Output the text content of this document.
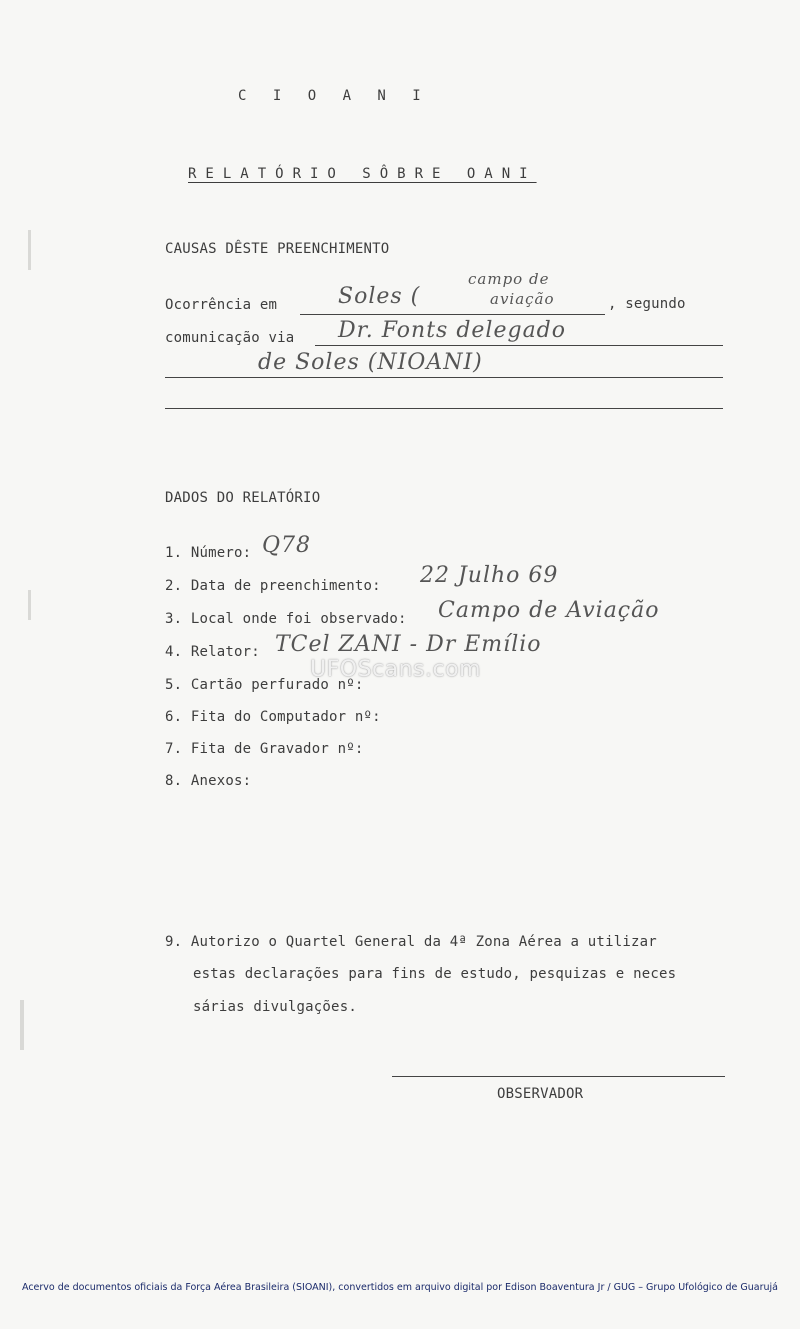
C I O A N I
RELATÓRIO SÔBRE OANI
CAUSAS DÊSTE PREENCHIMENTO
Ocorrência em	Soles (
campo de
aviação	, segundo
comunicação via Dr. Fonts delegado
de Soles (NIOANI)
DADOS DO RELATÓRIO
1. Número: Q78
2. Data de preenchimento: 22 Julho 69
3. Local onde foi observado: Campo de Aviação
4. Relator: TCel ZANI - Dr Emílio
5. Cartão perfurado nº:
6. Fita do Computador nº:
7. Fita de Gravador nº:
8. Anexos:
UFOScans.com
9. Autorizo o Quartel General da 4ª Zona Aérea a utilizar
estas declarações para fins de estudo, pesquizas e neces
sárias divulgações.
OBSERVADOR
Acervo de documentos oficiais da Força Aérea Brasileira (SIOANI), convertidos em arquivo digital por Edison Boaventura Jr / GUG – Grupo Ufológico de Guarujá
